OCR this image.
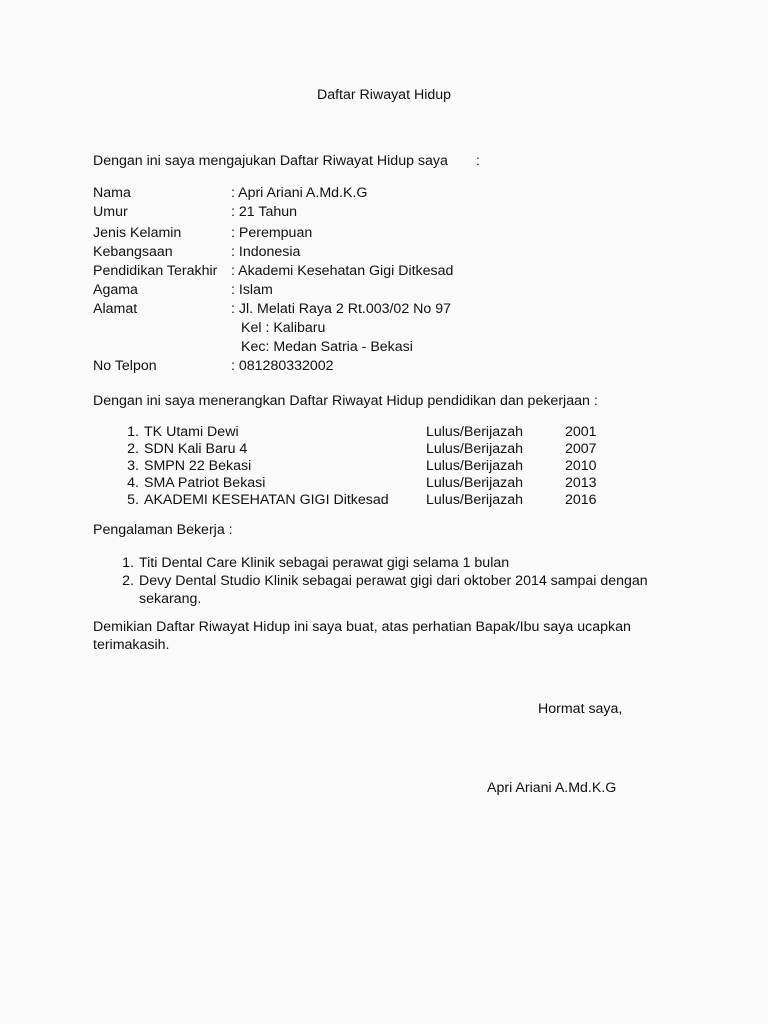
Daftar Riwayat Hidup
Dengan ini saya mengajukan Daftar Riwayat Hidup saya :
Nama	: Apri Ariani A.Md.K.G
Umur	: 21 Tahun
Jenis Kelamin	: Perempuan
Kebangsaan	: Indonesia
Pendidikan Terakhir : Akademi Kesehatan Gigi Ditkesad
Agama	: Islam
Alamat	: Jl. Melati Raya 2 Rt.003/02 No 97
Kel : Kalibaru
Kec: Medan Satria - Bekasi
No Telpon	: 081280332002
Dengan ini saya menerangkan Daftar Riwayat Hidup pendidikan dan pekerjaan :
1. TK Utami Dewi	Lulus/Berijazah	2001
2. SDN Kali Baru 4	Lulus/Berijazah	2007
3. SMPN 22 Bekasi	Lulus/Berijazah	2010
4. SMA Patriot Bekasi	Lulus/Berijazah	2013
5. AKADEMI KESEHATAN GIGI Ditkesad	Lulus/Berijazah	2016
Pengalaman Bekerja :
1. Titi Dental Care Klinik sebagai perawat gigi selama 1 bulan
2. Devy Dental Studio Klinik sebagai perawat gigi dari oktober 2014 sampai dengan sekarang.
Demikian Daftar Riwayat Hidup ini saya buat, atas perhatian Bapak/Ibu saya ucapkan terimakasih.
Hormat saya,
Apri Ariani A.Md.K.G
